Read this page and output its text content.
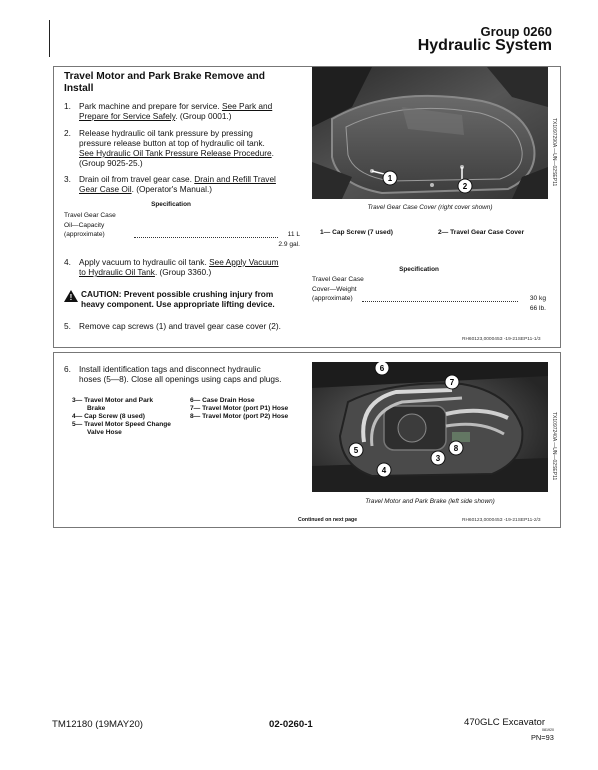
Group 0260
Hydraulic System
Travel Motor and Park Brake Remove and
Install
1. Park machine and prepare for service. See Park and
Prepare for Service Safely. (Group 0001.)
2. Release hydraulic oil tank pressure by pressing
pressure release button at top of hydraulic oil tank.
See Hydraulic Oil Tank Pressure Release Procedure.
(Group 9025-25.)
3. Drain oil from travel gear case. Drain and Refill Travel
Gear Case Oil. (Operator's Manual.)
Specification
Travel Gear Case
Oil—Capacity
(approximate)	11 L
2.9 gal.
4. Apply vacuum to hydraulic oil tank. See Apply Vacuum
to Hydraulic Oil Tank. (Group 3360.)
!	CAUTION: Prevent possible crushing injury from
heavy component. Use appropriate lifting device.
5. Remove cap screws (1) and travel gear case cover (2).
1
2
TX1097290A —UN—02SEP11
Travel Gear Case Cover (right cover shown)
1— Cap Screw (7 used)	2— Travel Gear Case Cover
Specification
Travel Gear Case
Cover—Weight
(approximate)	30 kg
66 lb.
RH60123,000045З -19-21SEP11-1/3
6. Install identification tags and disconnect hydraulic
hoses (5—8). Close all openings using caps and plugs.
3— Travel Motor and Park
Brake
4— Cap Screw (8 used)
5— Travel Motor Speed Change
Valve Hose
6— Case Drain Hose
7— Travel Motor (port P1) Hose
8— Travel Motor (port P2) Hose
6
7
5
4
3
8	TX1097240A —UN—02SEP11
Travel Motor and Park Brake (left side shown)
Continued on next page	RH60123,000045З -19-21SEP11-2/3
TM12180 (19MAY20)	02-0260-1	470GLC Excavator
081920
PN=93
